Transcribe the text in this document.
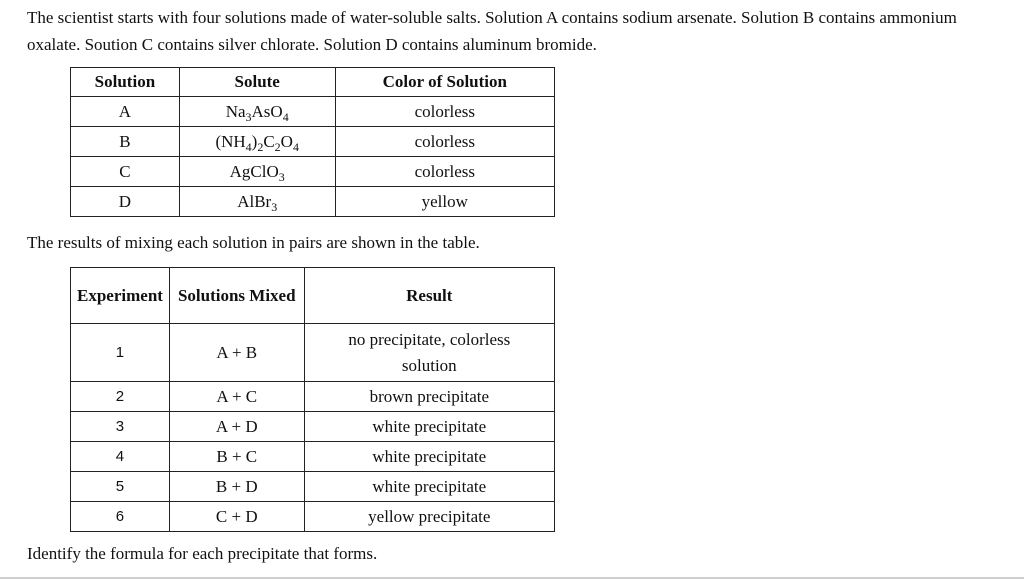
The scientist starts with four solutions made of water-soluble salts. Solution A contains sodium arsenate. Solution B contains ammonium oxalate. Soution C contains silver chlorate. Solution D contains aluminum bromide.
Solution	Solute	Color of Solution
A	$Na_3AsO_4$	colorless
B	$(NH_4)_2C_2O_4$	colorless
C	AgClO$_3$	colorless
D	AlBr$_3$	yellow
The results of mixing each solution in pairs are shown in the table.
Experiment	Solutions Mixed	Result
1	A + B	no precipitate, colorless solution
2	A + C	brown precipitate
3	A + D	white precipitate
4	B + C	white precipitate
5	B + D	white precipitate
6	C + D	yellow precipitate
Identify the formula for each precipitate that forms.
